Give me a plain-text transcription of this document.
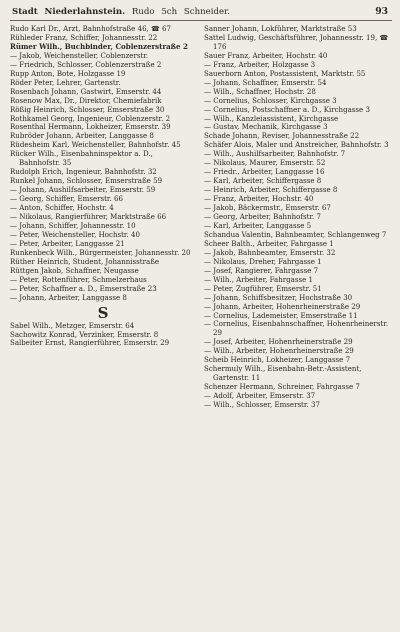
Stadt Niederlahnstein. Rudo 5ch Schneider.	93

Rudo Karl Dr., Arzt, Bahnhofstraße 46, ☎ 67

Rühleder Franz, Schiffer, Johannesstr. 22

Rümer Wilh., Buchbinder, Coblenzerstraße 2

— Jakob, Weichensteller, Coblenzerstr.

— Friedrich, Schlosser, Coblenzerstraße 2

Rupp Anton, Bote, Holzgasse 19

Röder Peter, Lehrer, Gartenstr.

Rosenbach Johann, Gastwirt, Emserstr. 44

Rosenow Max, Dr., Direktor, Chemiefabrik

Rößig Heinrich, Schlosser, Emserstraße 30

Rothkamel Georg, Ingenieur, Coblenzerstr. 2

Rosenthal Hermann, Lokheizer, Emserstr. 39

Rubröder Johann, Arbeiter, Langgasse 8

Rüdesheim Karl, Weichensteller, Bahnhofstr. 45

Rücker Wilh., Eisenbahninspektor a. D., Bahnhofstr. 35

Rudolph Erich, Ingenieur, Bahnhofstr. 32

Runkel Johann, Schlosser, Emserstraße 59

— Johann, Aushilfsarbeiter, Emserstr. 59

— Georg, Schiffer, Emserstr. 66

— Anton, Schiffer, Hochstr. 4

— Nikolaus, Rangierführer, Marktstraße 66

— Johann, Schiffer, Johannesstr. 10

— Peter, Weichensteller, Hochstr. 40

— Peter, Arbeiter, Langgasse 21

Runkenbeck Wilh., Bürgermeister, Johannesstr. 20

Rüther Heinrich, Student, Johannisstraße

Rüttgen Jakob, Schaffner, Neugasse

— Peter, Rottenführer, Schmelzerhaus

— Peter, Schaffner a. D., Emserstraße 23

— Johann, Arbeiter, Langgasse 8

S

Sabel Wilh., Metzger, Emserstr. 64

Sachowitz Konrad, Verzinker, Emserstr. 8

Salbeiter Ernst, Rangierführer, Emserstr. 29

Sanner Johann, Lokführer, Marktstraße 53

Sattel Ludwig, Geschäftsführer, Johannesstr. 19, ☎ 176

Sauer Franz, Arbeiter, Hochstr. 40

— Franz, Arbeiter, Holzgasse 3

Sauerborn Anton, Postassistent, Marktstr. 55

— Johann, Schaffner, Emserstr. 54

— Wilh., Schaffner, Hochstr. 28

— Cornelius, Schlosser, Kirchgasse 3

— Cornelius, Postschaffner a. D., Kirchgasse 3

— Wilh., Kanzleiassistent, Kirchgasse

— Gustav, Mechanik, Kirchgasse 3

Schade Johann, Reviser, Johannesstraße 22

Schäfer Alois, Maler und Anstreicher, Bahnhofstr. 3

— Wilh., Aushilfsarbeiter, Bahnhofstr. 7

— Nikolaus, Maurer, Emserstr. 52

— Friedr., Arbeiter, Langgasse 16

— Karl, Arbeiter, Schiffergasse 8

— Heinrich, Arbeiter, Schiffergasse 8

— Franz, Arbeiter, Hochstr. 40

— Jakob, Bäckermstr., Emserstr. 67

— Georg, Arbeiter, Bahnhofstr. 7

— Karl, Arbeiter, Langgasse 5

Schandua Valentin, Bahnbeamter, Schlangenweg 7

Scheer Balth., Arbeiter, Fahrgasse 1

— Jakob, Bahnbeamter, Emserstr. 32

— Nikolaus, Dreher, Fahrgasse 1

— Josef, Rangierer, Fahrgasse 7

— Wilh., Arbeiter, Fahrgasse 1

— Peter, Zugführer, Emserstr. 51

— Johann, Schiffsbesitzer, Hochstraße 30

— Johann, Arbeiter, Hohenrheinerstraße 29

— Cornelius, Lademeister, Emserstraße 11

— Cornelius, Eisenbahnschaffner, Hohenrheinerstr. 29

— Josef, Arbeiter, Hohenrheinerstraße 29

— Wilh., Arbeiter, Hohenrheinerstraße 29

Scheib Heinrich, Lokheizer, Langgasse 7

Schermuly Wilh., Eisenbahn-Betr.-Assistent, Gartenstr. 11

Schenzer Hermann, Schreiner, Fahrgasse 7

— Adolf, Arbeiter, Emserstr. 37

— Wilh., Schlosser, Emserstr. 37
